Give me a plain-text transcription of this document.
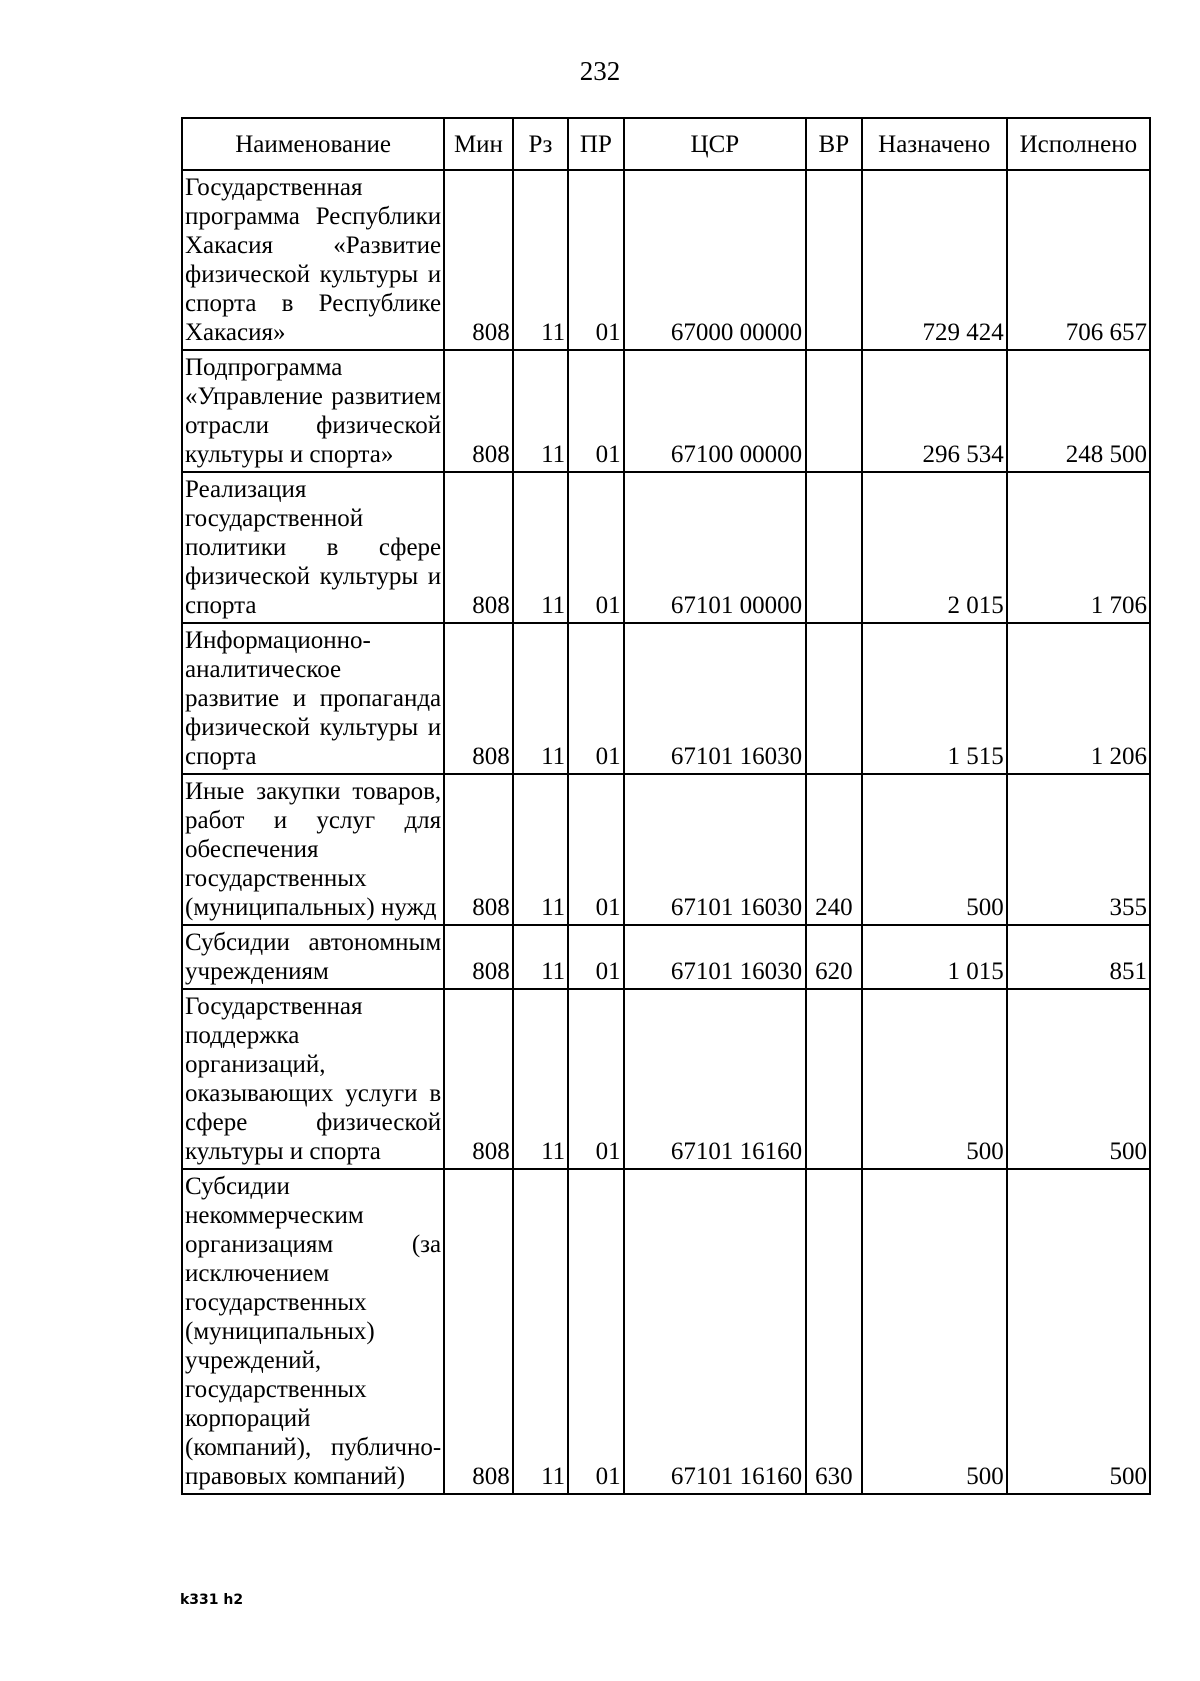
232
Наименование	Мин	Рз	ПР	ЦСР	ВР	Назначено	Исполнено
Государственная программа Республики Хакасия «Развитие физической культуры и спорта в Республике Хакасия»	808	11	01	67000 00000		729 424	706 657
Подпрограмма «Управление развитием отрасли физической культуры и спорта»	808	11	01	67100 00000		296 534	248 500
Реализация государственной политики в сфере физической культуры и спорта	808	11	01	67101 00000		2 015	1 706
Информационно-аналитическое развитие и пропаганда физической культуры и спорта	808	11	01	67101 16030		1 515	1 206
Иные закупки товаров, работ и услуг для обеспечения государственных (муниципальных) нужд	808	11	01	67101 16030	240	500	355
Субсидии автономным учреждениям	808	11	01	67101 16030	620	1 015	851
Государственная поддержка организаций, оказывающих услуги в сфере физической культуры и спорта	808	11	01	67101 16160		500	500
Субсидии некоммерческим организациям (за исключением государственных (муниципальных) учреждений, государственных корпораций (компаний), публично-правовых компаний)	808	11	01	67101 16160	630	500	500
k331 h2
